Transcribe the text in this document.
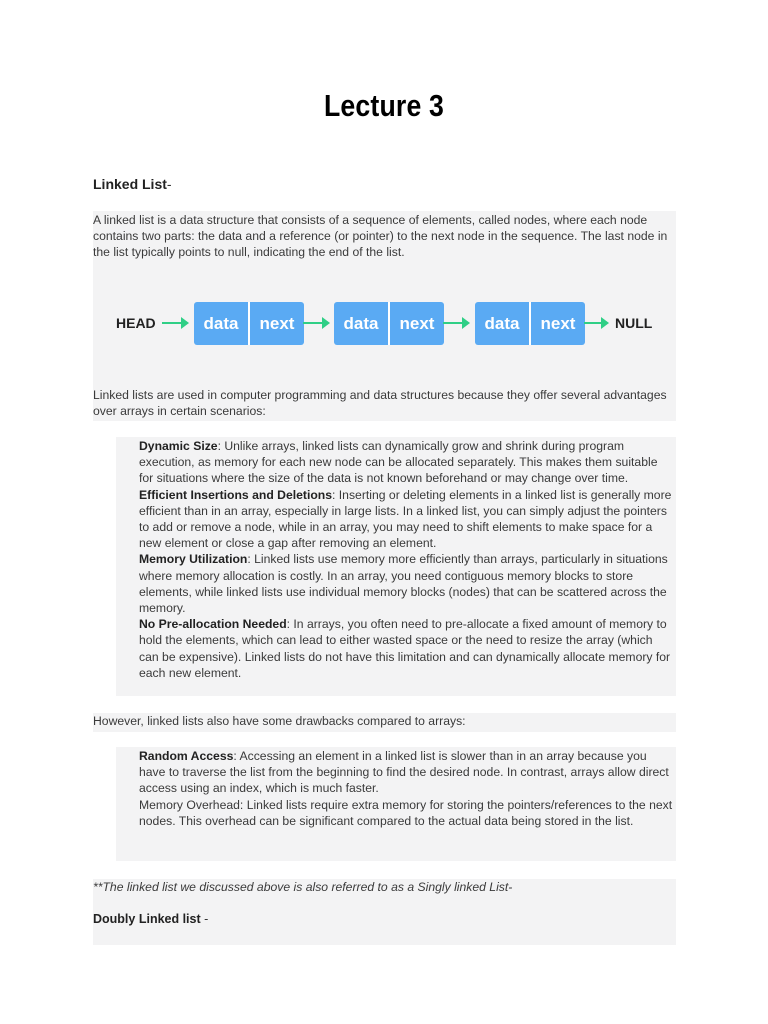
Lecture 3
Linked List-

A linked list is a data structure that consists of a sequence of elements, called nodes, where each node contains two parts: the data and a reference (or pointer) to the next node in the sequence. The last node in the list typically points to null, indicating the end of the list.

HEAD	data	next	data	next	data	next	NULL

Linked lists are used in computer programming and data structures because they offer several advantages over arrays in certain scenarios:

Dynamic Size: Unlike arrays, linked lists can dynamically grow and shrink during program execution, as memory for each new node can be allocated separately. This makes them suitable for situations where the size of the data is not known beforehand or may change over time.

Efficient Insertions and Deletions: Inserting or deleting elements in a linked list is generally more efficient than in an array, especially in large lists. In a linked list, you can simply adjust the pointers to add or remove a node, while in an array, you may need to shift elements to make space for a new element or close a gap after removing an element.

Memory Utilization: Linked lists use memory more efficiently than arrays, particularly in situations where memory allocation is costly. In an array, you need contiguous memory blocks to store elements, while linked lists use individual memory blocks (nodes) that can be scattered across the memory.

No Pre-allocation Needed: In arrays, you often need to pre-allocate a fixed amount of memory to hold the elements, which can lead to either wasted space or the need to resize the array (which can be expensive). Linked lists do not have this limitation and can dynamically allocate memory for each new element.

However, linked lists also have some drawbacks compared to arrays:

Random Access: Accessing an element in a linked list is slower than in an array because you have to traverse the list from the beginning to find the desired node. In contrast, arrays allow direct access using an index, which is much faster.

Memory Overhead: Linked lists require extra memory for storing the pointers/references to the next nodes. This overhead can be significant compared to the actual data being stored in the list.

**The linked list we discussed above is also referred to as a Singly linked List-

Doubly Linked list -
